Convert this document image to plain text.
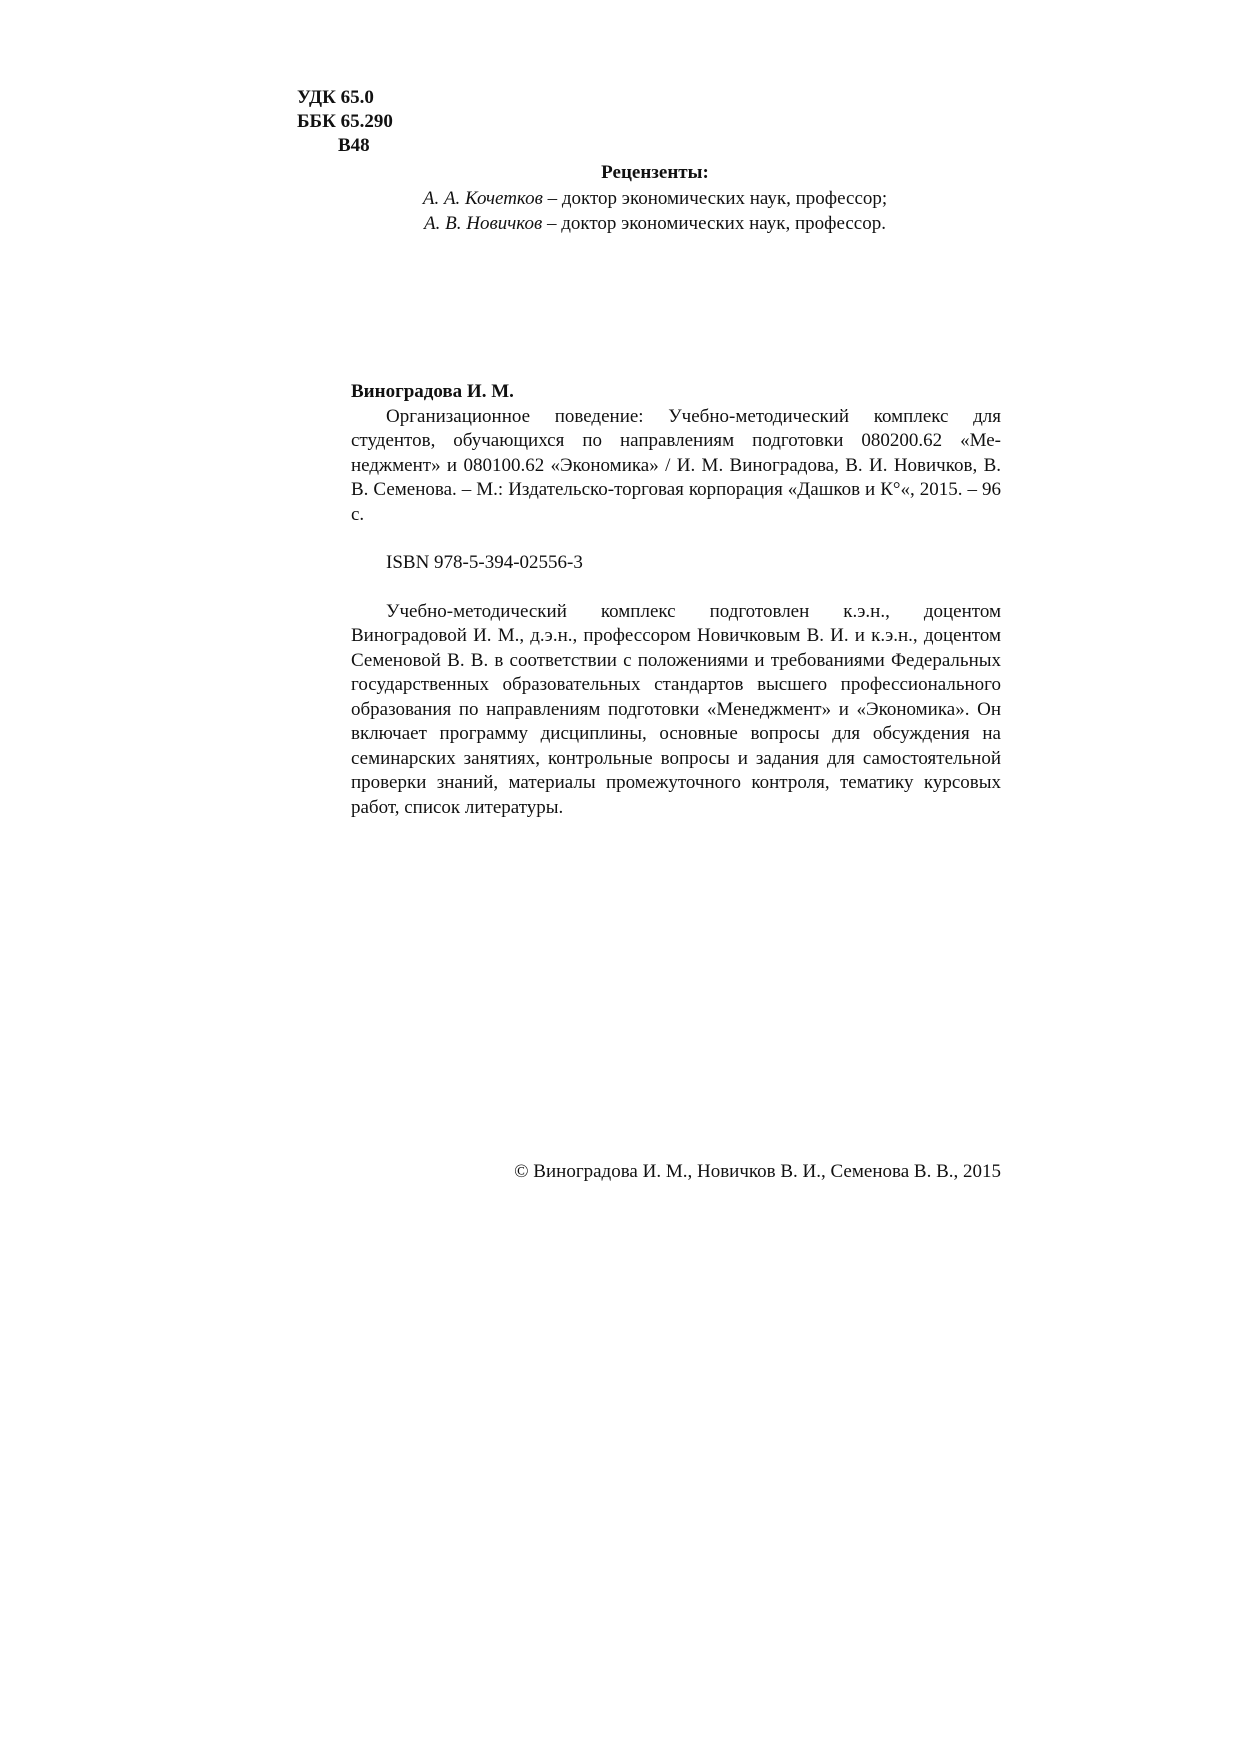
УДК 65.0
ББК 65.290
В48
Рецензенты:
А. А. Кочетков – доктор экономических наук, профессор;
А. В. Новичков – доктор экономических наук, профессор.

Виноградова И. М.

Организационное поведение: Учебно-методический комплекс для студентов, обучающихся по направлениям подготовки 080200.62 «Менеджмент» и 080100.62 «Экономика» / И. М. Виноградова, В. И. Новичков, В. В. Семенова. – М.: Издательско-торговая корпорация «Дашков и К°«, 2015. – 96 с.

ISBN 978-5-394-02556-3

Учебно-методический комплекс подготовлен к.э.н., доцентом Виноградовой И. М., д.э.н., профессором Новичковым В. И. и к.э.н., доцентом Семеновой В. В. в соответствии с положениями и требованиями Федеральных государственных образовательных стандартов высшего профессионального образования по направлениям подготовки «Менеджмент» и «Экономика». Он включает программу дисциплины, основные вопросы для обсуждения на семинарских занятиях, контрольные вопросы и задания для самостоятельной проверки знаний, материалы промежуточного контроля, тематику курсовых работ, список литературы.

© Виноградова И. М., Новичков В. И., Семенова В. В., 2015
